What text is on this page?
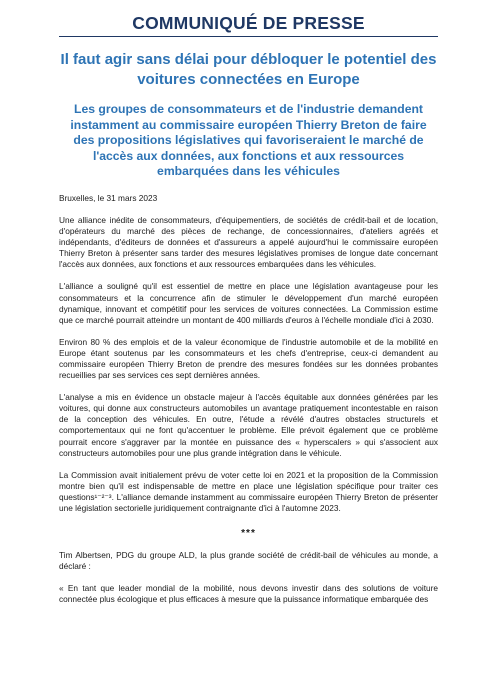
COMMUNIQUÉ DE PRESSE
Il faut agir sans délai pour débloquer le potentiel des voitures connectées en Europe
Les groupes de consommateurs et de l'industrie demandent instamment au commissaire européen Thierry Breton de faire des propositions législatives qui favoriseraient le marché de l'accès aux données, aux fonctions et aux ressources embarquées dans les véhicules

Bruxelles, le 31 mars 2023

Une alliance inédite de consommateurs, d'équipementiers, de sociétés de crédit-bail et de location, d'opérateurs du marché des pièces de rechange, de concessionnaires, d'ateliers agréés et indépendants, d'éditeurs de données et d'assureurs a appelé aujourd'hui le commissaire européen Thierry Breton à présenter sans tarder des mesures législatives promises de longue date concernant l'accès aux données, aux fonctions et aux ressources embarquées dans les véhicules.

L'alliance a souligné qu'il est essentiel de mettre en place une législation avantageuse pour les consommateurs et la concurrence afin de stimuler le développement d'un marché européen dynamique, innovant et compétitif pour les services de voitures connectées. La Commission estime que ce marché pourrait atteindre un montant de 400 milliards d'euros à l'échelle mondiale d'ici à 2030.

Environ 80 % des emplois et de la valeur économique de l'industrie automobile et de la mobilité en Europe étant soutenus par les consommateurs et les chefs d'entreprise, ceux-ci demandent au commissaire européen Thierry Breton de prendre des mesures fondées sur les données probantes recueillies par ses services ces sept dernières années.

L'analyse a mis en évidence un obstacle majeur à l'accès équitable aux données générées par les voitures, qui donne aux constructeurs automobiles un avantage pratiquement incontestable en raison de la conception des véhicules. En outre, l'étude a révélé d'autres obstacles structurels et comportementaux qui ne font qu'accentuer le problème. Elle prévoit également que ce problème pourrait encore s'aggraver par la montée en puissance des « hyperscalers » qui s'associent aux constructeurs automobiles pour une plus grande intégration dans le véhicule.

La Commission avait initialement prévu de voter cette loi en 2021 et la proposition de la Commission montre bien qu'il est indispensable de mettre en place une législation spécifique pour traiter ces questions¹⁻²⁻³. L'alliance demande instamment au commissaire européen Thierry Breton de présenter une législation sectorielle juridiquement contraignante d'ici à l'automne 2023.

***

Tim Albertsen, PDG du groupe ALD, la plus grande société de crédit-bail de véhicules au monde, a déclaré :

« En tant que leader mondial de la mobilité, nous devons investir dans des solutions de voiture connectée plus écologique et plus efficaces à mesure que la puissance informatique embarquée des
